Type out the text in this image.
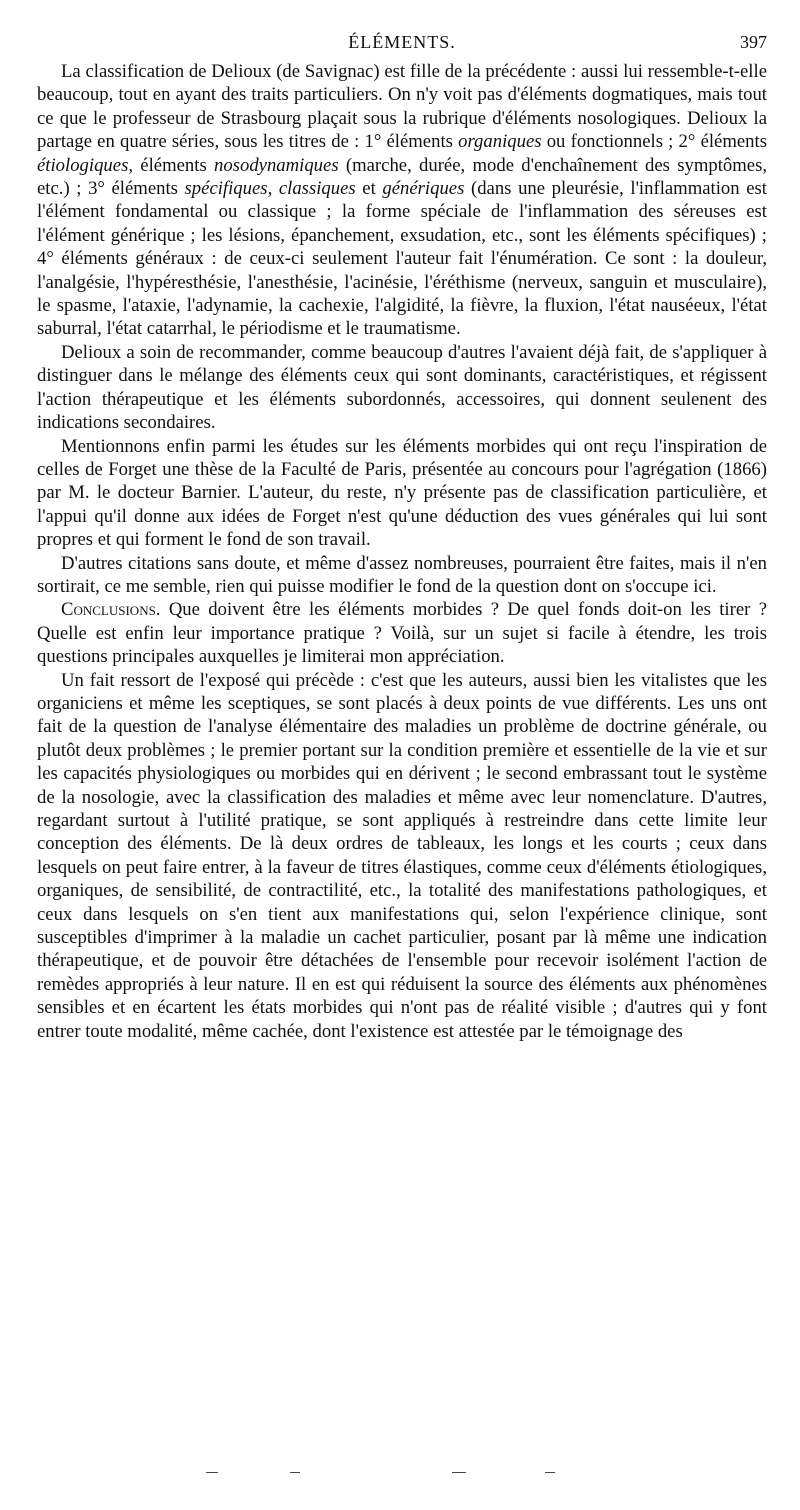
ÉLÉMENTS.	397

La classification de Delioux (de Savignac) est fille de la précédente : aussi lui ressemble-t-elle beaucoup, tout en ayant des traits particuliers. On n'y voit pas d'éléments dogmatiques, mais tout ce que le professeur de Strasbourg plaçait sous la rubrique d'éléments nosologiques. Delioux la partage en quatre séries, sous les titres de : 1° éléments organiques ou fonctionnels ; 2° éléments étiologiques, éléments nosodynamiques (marche, durée, mode d'enchaînement des symptômes, etc.) ; 3° éléments spécifiques, classiques et génériques (dans une pleurésie, l'inflammation est l'élément fondamental ou classique ; la forme spéciale de l'inflammation des séreuses est l'élément générique ; les lésions, épanchement, exsudation, etc., sont les éléments spécifiques) ; 4° éléments généraux : de ceux-ci seulement l'auteur fait l'énumération. Ce sont : la douleur, l'analgésie, l'hypéresthésie, l'anesthésie, l'acinésie, l'éréthisme (nerveux, sanguin et musculaire), le spasme, l'ataxie, l'adynamie, la cachexie, l'algidité, la fièvre, la fluxion, l'état nauséeux, l'état saburral, l'état catarrhal, le périodisme et le traumatisme.

Delioux a soin de recommander, comme beaucoup d'autres l'avaient déjà fait, de s'appliquer à distinguer dans le mélange des éléments ceux qui sont dominants, caractéristiques, et régissent l'action thérapeutique et les éléments subordonnés, accessoires, qui donnent seulenent des indications secondaires.

Mentionnons enfin parmi les études sur les éléments morbides qui ont reçu l'inspiration de celles de Forget une thèse de la Faculté de Paris, présentée au concours pour l'agrégation (1866) par M. le docteur Barnier. L'auteur, du reste, n'y présente pas de classification particulière, et l'appui qu'il donne aux idées de Forget n'est qu'une déduction des vues générales qui lui sont propres et qui forment le fond de son travail.

D'autres citations sans doute, et même d'assez nombreuses, pourraient être faites, mais il n'en sortirait, ce me semble, rien qui puisse modifier le fond de la question dont on s'occupe ici.

Conclusions. Que doivent être les éléments morbides ? De quel fonds doit-on les tirer ? Quelle est enfin leur importance pratique ? Voilà, sur un sujet si facile à étendre, les trois questions principales auxquelles je limiterai mon appréciation.

Un fait ressort de l'exposé qui précède : c'est que les auteurs, aussi bien les vitalistes que les organiciens et même les sceptiques, se sont placés à deux points de vue différents. Les uns ont fait de la question de l'analyse élémentaire des maladies un problème de doctrine générale, ou plutôt deux problèmes ; le premier portant sur la condition première et essentielle de la vie et sur les capacités physiologiques ou morbides qui en dérivent ; le second embrassant tout le système de la nosologie, avec la classification des maladies et même avec leur nomenclature. D'autres, regardant surtout à l'utilité pratique, se sont appliqués à restreindre dans cette limite leur conception des éléments. De là deux ordres de tableaux, les longs et les courts ; ceux dans lesquels on peut faire entrer, à la faveur de titres élastiques, comme ceux d'éléments étiologiques, organiques, de sensibilité, de contractilité, etc., la totalité des manifestations pathologiques, et ceux dans lesquels on s'en tient aux manifestations qui, selon l'expérience clinique, sont susceptibles d'imprimer à la maladie un cachet particulier, posant par là même une indication thérapeutique, et de pouvoir être détachées de l'ensemble pour recevoir isolément l'action de remèdes appropriés à leur nature. Il en est qui réduisent la source des éléments aux phénomènes sensibles et en écartent les états morbides qui n'ont pas de réalité visible ; d'autres qui y font entrer toute modalité, même cachée, dont l'existence est attestée par le témoignage des
